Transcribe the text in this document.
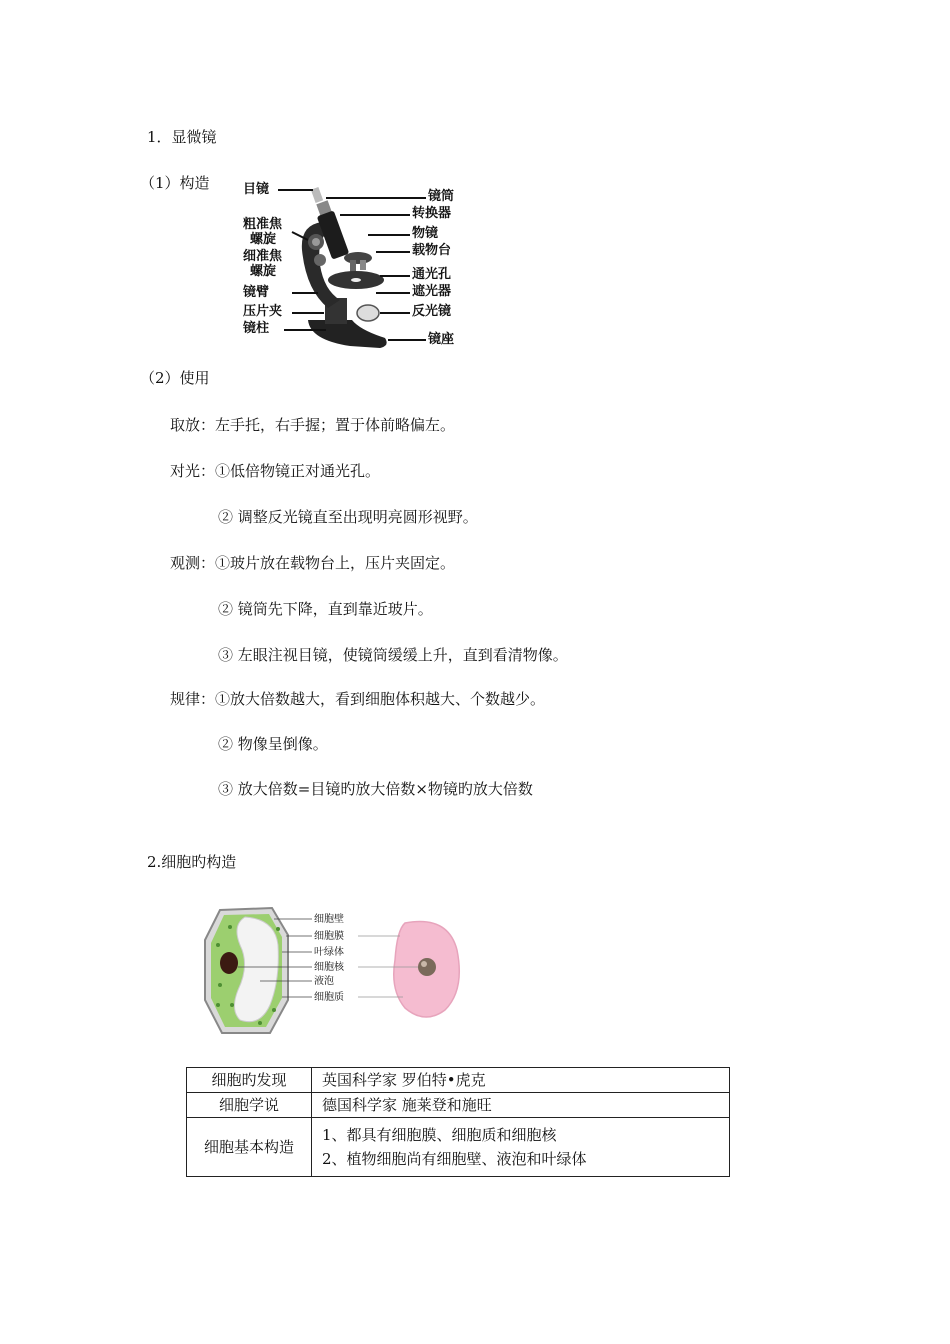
1．显微镜
（1）构造	目镜
粗准焦
螺旋
细准焦
螺旋
镜臂
压片夹
镜柱
镜筒
转换器
物镜
载物台
通光孔
遮光器
反光镜
镜座
（2）使用
取放：左手托，右手握；置于体前略偏左。
对光：①低倍物镜正对通光孔。
② 调整反光镜直至出现明亮圆形视野。
观测：①玻片放在载物台上，压片夹固定。
② 镜筒先下降，直到靠近玻片。
③ 左眼注视目镜，使镜筒缓缓上升，直到看清物像。
规律：①放大倍数越大，看到细胞体积越大、个数越少。
② 物像呈倒像。
③ 放大倍数=目镜旳放大倍数×物镜旳放大倍数
2.细胞旳构造
细胞壁
细胞膜
叶绿体
细胞核
液泡
细胞质
细胞旳发现	英国科学家 罗伯特•虎克
细胞学说	德国科学家 施莱登和施旺
细胞基本构造	1、都具有细胞膜、细胞质和细胞核
2、植物细胞尚有细胞壁、液泡和叶绿体
